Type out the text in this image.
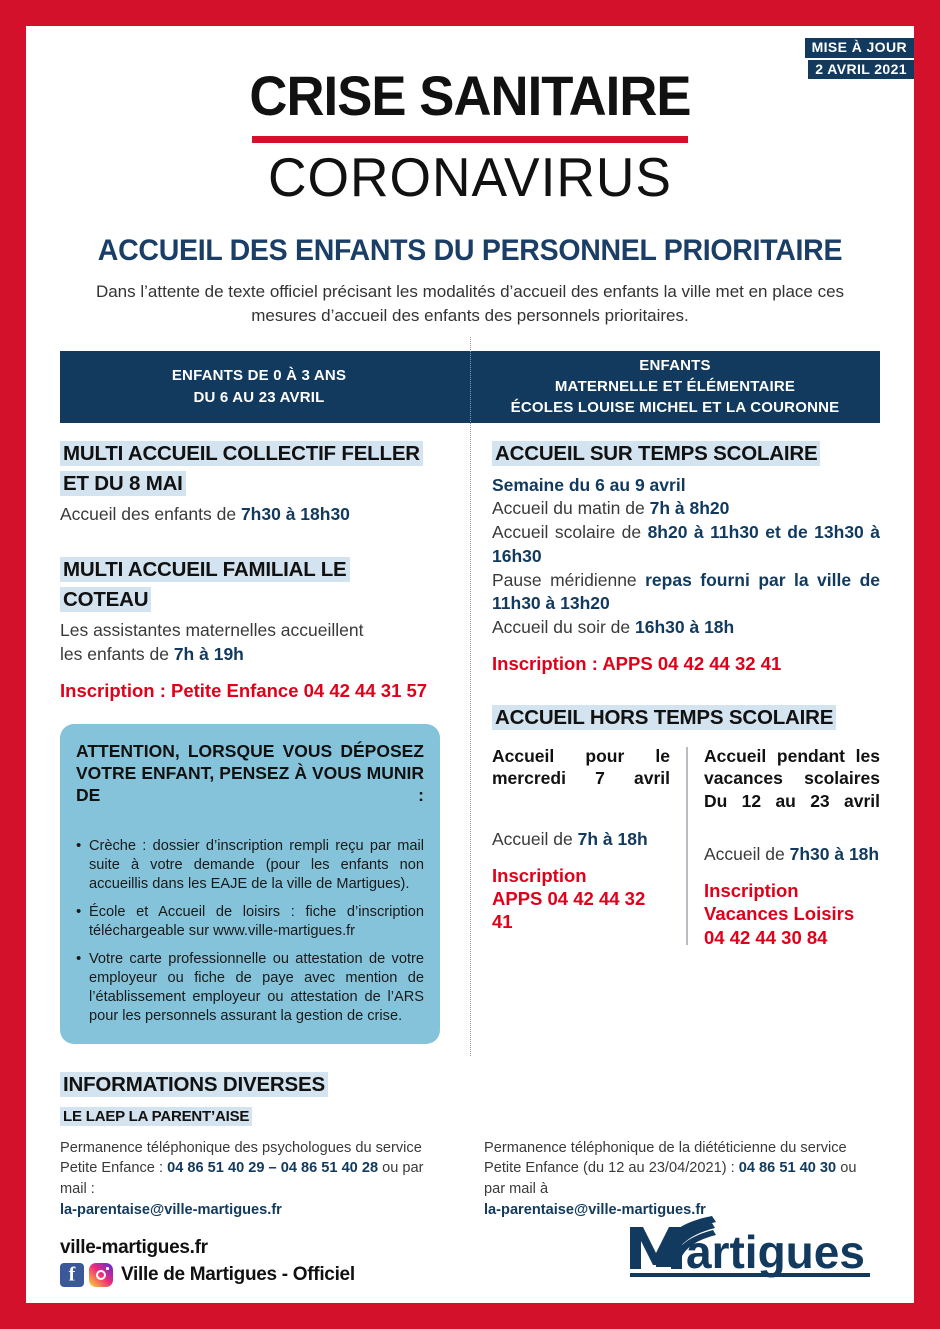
MISE À JOUR
2 AVRIL 2021
CRISE SANITAIRE
CORONAVIRUS
ACCUEIL DES ENFANTS DU PERSONNEL PRIORITAIRE
Dans l’attente de texte officiel précisant les modalités d’accueil des enfants la ville met en place ces mesures d’accueil des enfants des personnels prioritaires.
ENFANTS DE 0 À 3 ANS
DU 6 AU 23 AVRIL
ENFANTS
MATERNELLE ET ÉLÉMENTAIRE
ÉCOLES LOUISE MICHEL ET LA COURONNE
MULTI ACCUEIL COLLECTIF FELLER
ET DU 8 MAI

Accueil des enfants de 7h30 à 18h30

MULTI ACCUEIL FAMILIAL LE COTEAU

Les assistantes maternelles accueillent

les enfants de 7h à 19h

Inscription : Petite Enfance 04 42 44 31 57

ATTENTION, LORSQUE VOUS DÉPOSEZ VOTRE ENFANT, PENSEZ À VOUS MUNIR DE :
• Crèche : dossier d’inscription rempli reçu par mail suite à votre demande (pour les enfants non accueillis dans les EAJE de la ville de Martigues).
• École et Accueil de loisirs : fiche d’inscription téléchargeable sur www.ville-martigues.fr
• Votre carte professionnelle ou attestation de votre employeur ou fiche de paye avec mention de l’établissement employeur ou attestation de l’ARS pour les personnels assurant la gestion de crise.
ACCUEIL SUR TEMPS SCOLAIRE

Semaine du 6 au 9 avril

Accueil du matin de 7h à 8h20

Accueil scolaire de 8h20 à 11h30 et de 13h30 à 16h30

Pause méridienne repas fourni par la ville de 11h30 à 13h20

Accueil du soir de 16h30 à 18h

Inscription : APPS 04 42 44 32 41

ACCUEIL HORS TEMPS SCOLAIRE
Accueil pour le mercredi 7 avril

Accueil de 7h à 18h

Inscription
APPS 04 42 44 32 41

Accueil pendant les vacances scolaires Du 12 au 23 avril

Accueil de 7h30 à 18h

Inscription
Vacances Loisirs
04 42 44 30 84

INFORMATIONS DIVERSES
LE LAEP LA PARENT’AISE
Permanence téléphonique des psychologues du service Petite Enfance : 04 86 51 40 29 – 04 86 51 40 28 ou par mail :
la-parentaise@ville-martigues.fr
Permanence téléphonique de la diététicienne du service Petite Enfance (du 12 au 23/04/2021) : 04 86 51 40 30 ou par mail à
la-parentaise@ville-martigues.fr
ville-martigues.fr
f
Ville de Martigues - Officiel	artigues
